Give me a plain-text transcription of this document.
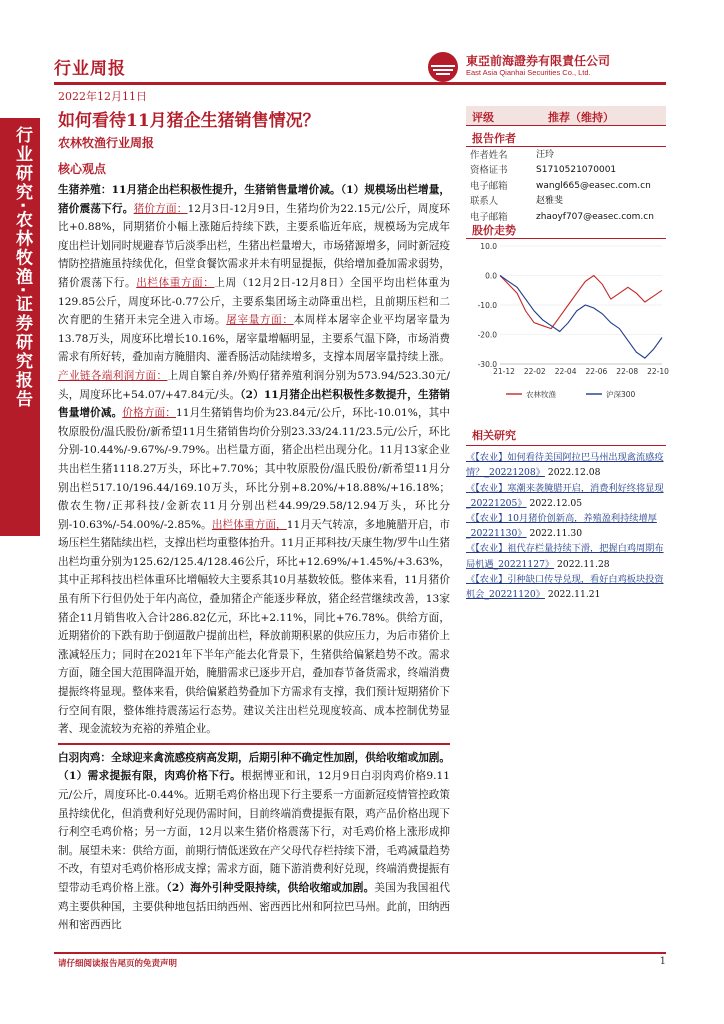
行业周报	東亞前海證券有限責任公司
East Asia Qianhai Securities Co., Ltd.
2022年12月11日
行业研究·农林牧渔·证券研究报告
如何看待11月猪企生猪销售情况？
农林牧渔行业周报
核心观点

生猪养殖：11月猪企出栏积极性提升，生猪销售量增价减。（1）规模场出栏增量，猪价震荡下行。猪价方面：12月3日-12月9日，生猪均价为22.15元/公斤，周度环比+0.88%，同期猪价小幅上涨随后持续下跌，主要系临近年底，规模场为完成年度出栏计划同时规避春节后淡季出栏，生猪出栏量增大，市场猪源增多，同时新冠疫情防控措施虽持续优化，但堂食餐饮需求并未有明显提振，供给增加叠加需求弱势，猪价震荡下行。出栏体重方面：上周（12月2日-12月8日）全国平均出栏体重为129.85公斤，周度环比-0.77公斤，主要系集团场主动降重出栏，且前期压栏和二次育肥的生猪开未完全进入市场。屠宰量方面：本周样本屠宰企业平均屠宰量为13.78万头，周度环比增长10.16%，屠宰量增幅明显，主要系气温下降，市场消费需求有所好转，叠加南方腌腊肉、灌香肠活动陆续增多，支撑本周屠宰量持续上涨。产业链各端利润方面：上周自繁自养/外购仔猪养殖利润分别为573.94/523.30元/头，周度环比+54.07/+47.84元/头。（2）11月猪企出栏积极性多数提升，生猪销售量增价减。价格方面：11月生猪销售均价为23.84元/公斤，环比-10.01%，其中牧原股份/温氏股份/新希望11月生猪销售均价分别23.33/24.11/23.5元/公斤，环比分别-10.44%/-9.67%/-9.79%。出栏量方面，猪企出栏出现分化。11月13家企业共出栏生猪1118.27万头，环比+7.70%；其中牧原股份/温氏股份/新希望11月分别出栏517.10/196.44/169.10万头，环比分别+8.20%/+18.88%/+16.18%；傲农生物/正邦科技/金新农11月分别出栏44.99/29.58/12.94万头，环比分别-10.63%/-54.00%/-2.85%。出栏体重方面，11月天气转凉，多地腌腊开启，市场压栏生猪陆续出栏，支撑出栏均重整体抬升。11月正邦科技/天康生物/罗牛山生猪出栏均重分别为125.62/125.4/128.46公斤，环比+12.69%/+1.45%/+3.63%，其中正邦科技出栏体重环比增幅较大主要系其10月基数较低。整体来看，11月猪价虽有所下行但仍处于年内高位，叠加猪企产能逐步释放，猪企经营继续改善，13家猪企11月销售收入合计286.82亿元，环比+2.11%，同比+76.78%。供给方面，近期猪价的下跌有助于倒逼散户提前出栏，释放前期积累的供应压力，为后市猪价上涨减轻压力；同时在2021年下半年产能去化背景下，生猪供给偏紧趋势不改。需求方面，随全国大范围降温开始，腌腊需求已逐步开启，叠加春节备货需求，终端消费提振终将显现。整体来看，供给偏紧趋势叠加下方需求有支撑，我们预计短期猪价下行空间有限，整体维持震荡运行态势。建议关注出栏兑现度较高、成本控制优势显著、现金流较为充裕的养殖企业。

白羽肉鸡：全球迎来禽流感疫病高发期，后期引种不确定性加剧，供给收缩或加剧。（1）需求提振有限，肉鸡价格下行。根据博亚和讯，12月9日白羽肉鸡价格9.11元/公斤，周度环比-0.44%。近期毛鸡价格出现下行主要系一方面新冠疫情管控政策虽持续优化，但消费利好兑现仍需时间，目前终端消费提振有限，鸡产品价格出现下行利空毛鸡价格；另一方面，12月以来生猪价格震荡下行，对毛鸡价格上涨形成抑制。展望未来：供给方面，前期行情低迷致在产父母代存栏持续下滑，毛鸡减量趋势不改，有望对毛鸡价格形成支撑；需求方面，随下游消费利好兑现，终端消费提振有望带动毛鸡价格上涨。（2）海外引种受限持续，供给收缩或加剧。美国为我国祖代鸡主要供种国，主要供种地包括田纳西州、密西西比州和阿拉巴马州。此前，田纳西州和密西西比

评级	推荐（维持）
报告作者
作者姓名	汪玲
资格证书	S1710521070001
电子邮箱	wangl665@easec.com.cn
联系人	赵雅斐
电子邮箱	zhaoyf707@easec.com.cn
股价走势
10.0
0.0
-10.0
-20.0
-30.0
21-12 22-02 22-04 22-06 22-08 22-10
农林牧渔	沪深300
相关研究
《【农业】如何看待美国阿拉巴马州出现禽流感疫情？_20221208》 2022.12.08
《【农业】寒潮来袭腌腊开启，消费利好终将显现_20221205》 2022.12.05
《【农业】10月猪价创新高，养殖盈利持续增厚_20221130》 2022.11.30
《【农业】祖代存栏量持续下滑，把握白鸡周期布局机遇_20221127》 2022.11.28
《【农业】引种缺口传导兑现，看好白鸡板块投资机会_20221120》 2022.11.21
请仔细阅读报告尾页的免责声明	1
